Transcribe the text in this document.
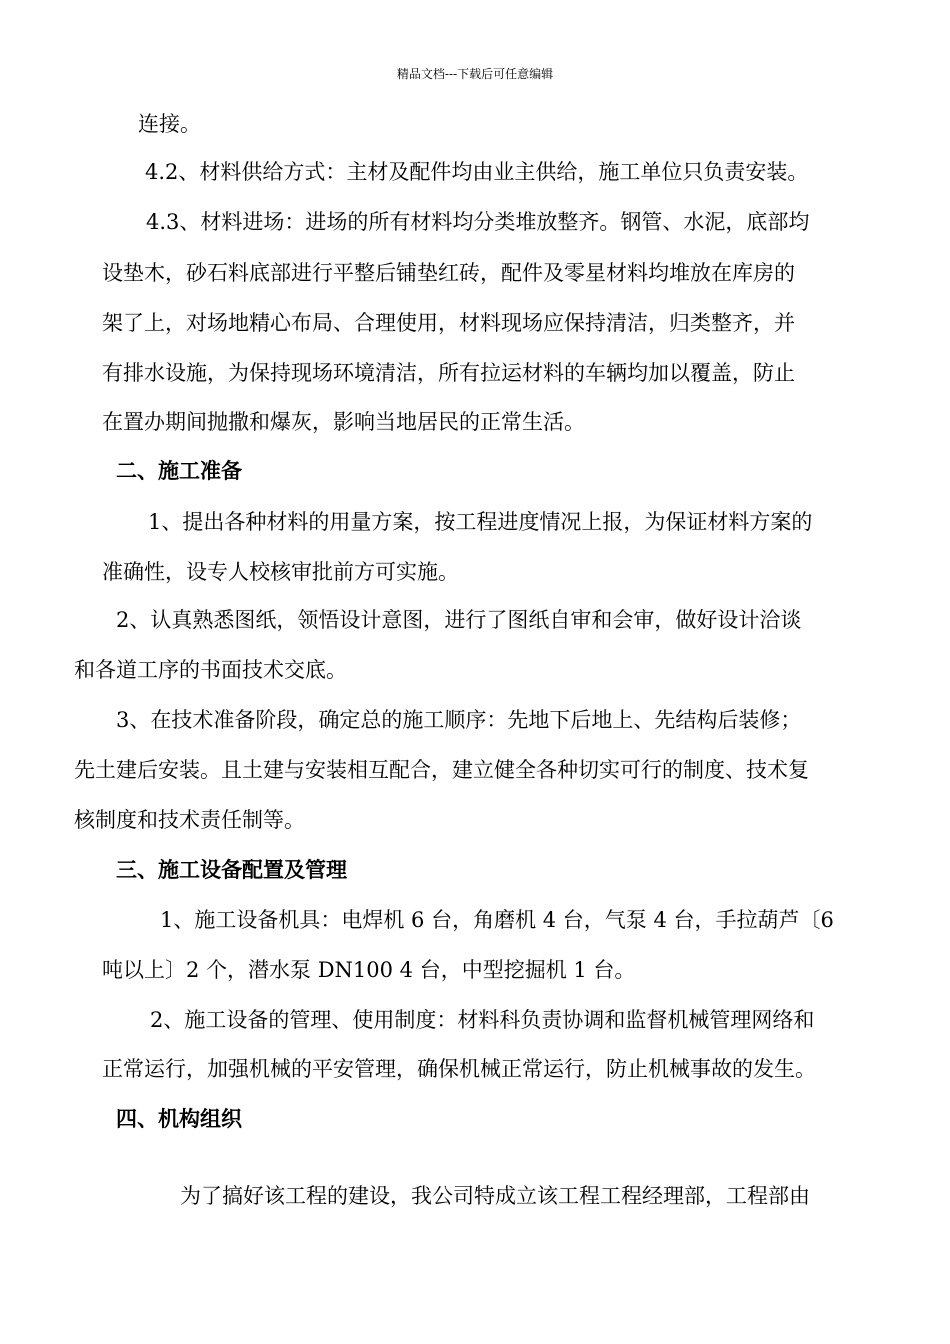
精品文档---下载后可任意编辑
连接。
4.2、材料供给方式：主材及配件均由业主供给，施工单位只负责安装。
4.3、材料进场：进场的所有材料均分类堆放整齐。钢管、水泥，底部均
设垫木，砂石料底部进行平整后铺垫红砖，配件及零星材料均堆放在库房的
架了上，对场地精心布局、合理使用，材料现场应保持清洁，归类整齐，并
有排水设施，为保持现场环境清洁，所有拉运材料的车辆均加以覆盖，防止
在置办期间抛撒和爆灰，影响当地居民的正常生活。
二、施工准备
1、提出各种材料的用量方案，按工程进度情况上报，为保证材料方案的
准确性，设专人校核审批前方可实施。
2、认真熟悉图纸，领悟设计意图，进行了图纸自审和会审，做好设计洽谈
和各道工序的书面技术交底。
3、在技术准备阶段，确定总的施工顺序：先地下后地上、先结构后装修；
先土建后安装。且土建与安装相互配合，建立健全各种切实可行的制度、技术复
核制度和技术责任制等。
三、施工设备配置及管理
1、施工设备机具：电焊机 6 台，角磨机 4 台，气泵 4 台，手拉葫芦〔6
吨以上〕2 个，潜水泵 DN100 4 台，中型挖掘机 1 台。
2、施工设备的管理、使用制度：材料科负责协调和监督机械管理网络和
正常运行，加强机械的平安管理，确保机械正常运行，防止机械事故的发生。
四、机构组织
为了搞好该工程的建设，我公司特成立该工程工程经理部，工程部由
